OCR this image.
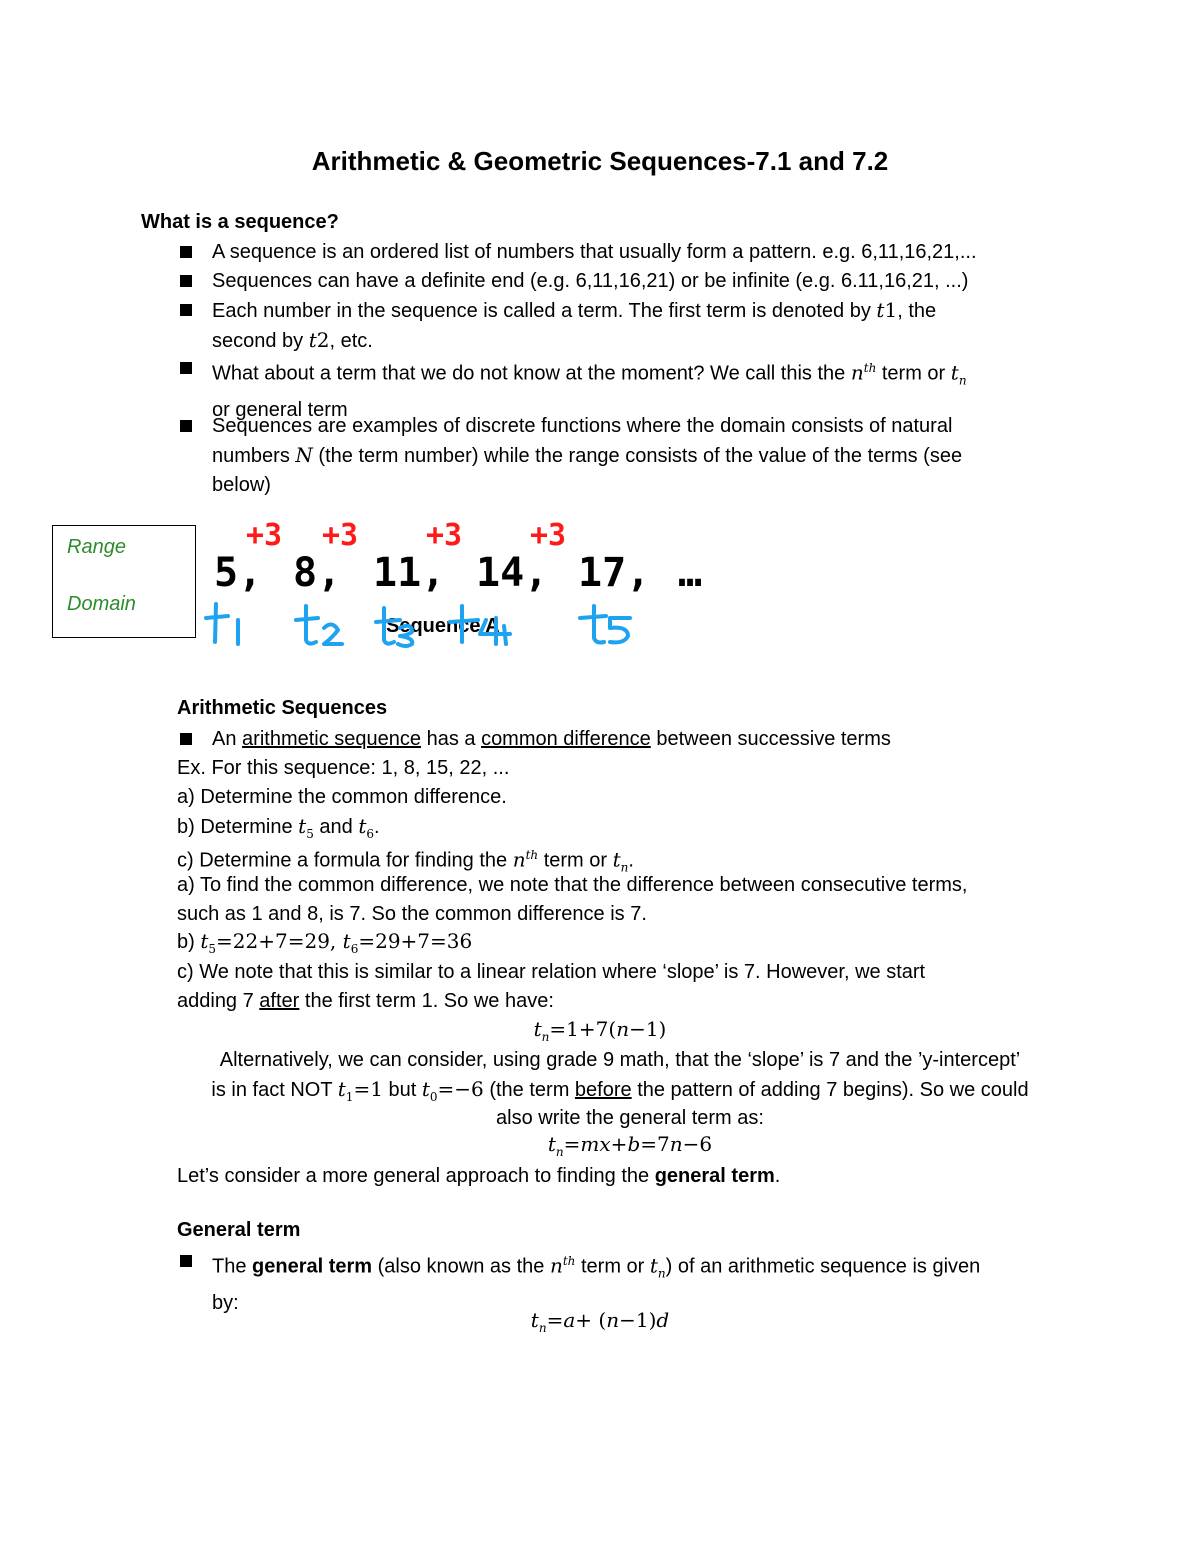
Arithmetic & Geometric Sequences-7.1 and 7.2
What is a sequence?
A sequence is an ordered list of numbers that usually form a pattern. e.g. 6,11,16,21,...
Sequences can have a definite end (e.g. 6,11,16,21) or be infinite (e.g. 6.11,16,21, ...)
Each number in the sequence is called a term. The first term is denoted by t1, the
second by t2, etc.
What about a term that we do not know at the moment? We call this the $n^{th}$ term or $t_n$
or general term
Sequences are examples of discrete functions where the domain consists of natural
numbers N (the term number) while the range consists of the value of the terms (see
below)
Range
Domain
+3 +3 +3 +3
5, 8, 11, 14, 17, …
Sequence A
Arithmetic Sequences
An arithmetic sequence has a common difference between successive terms
Ex. For this sequence: 1, 8, 15, 22, ...
a) Determine the common difference.
b) Determine $t_5$ and $t_6$.
c) Determine a formula for finding the $n^{th}$ term or $t_n$.
a) To find the common difference, we note that the difference between consecutive terms,
such as 1 and 8, is 7. So the common difference is 7.
b) $t_5=22+7=29$, $t_6=29+7=36$
c) We note that this is similar to a linear relation where ‘slope’ is 7. However, we start
adding 7 after the first term 1. So we have:
$t_n=1+7(n-1)$
Alternatively, we can consider, using grade 9 math, that the ‘slope’ is 7 and the ’y-intercept’
is in fact NOT $t_1=1$ but $t_0=-6$ (the term before the pattern of adding 7 begins). So we could
also write the general term as:
$t_n=mx+b=7n-6$
Let’s consider a more general approach to finding the general term.
General term
The general term (also known as the $n^{th}$ term or $t_n$) of an arithmetic sequence is given
by:
$t_n=a+ (n-1)d$
